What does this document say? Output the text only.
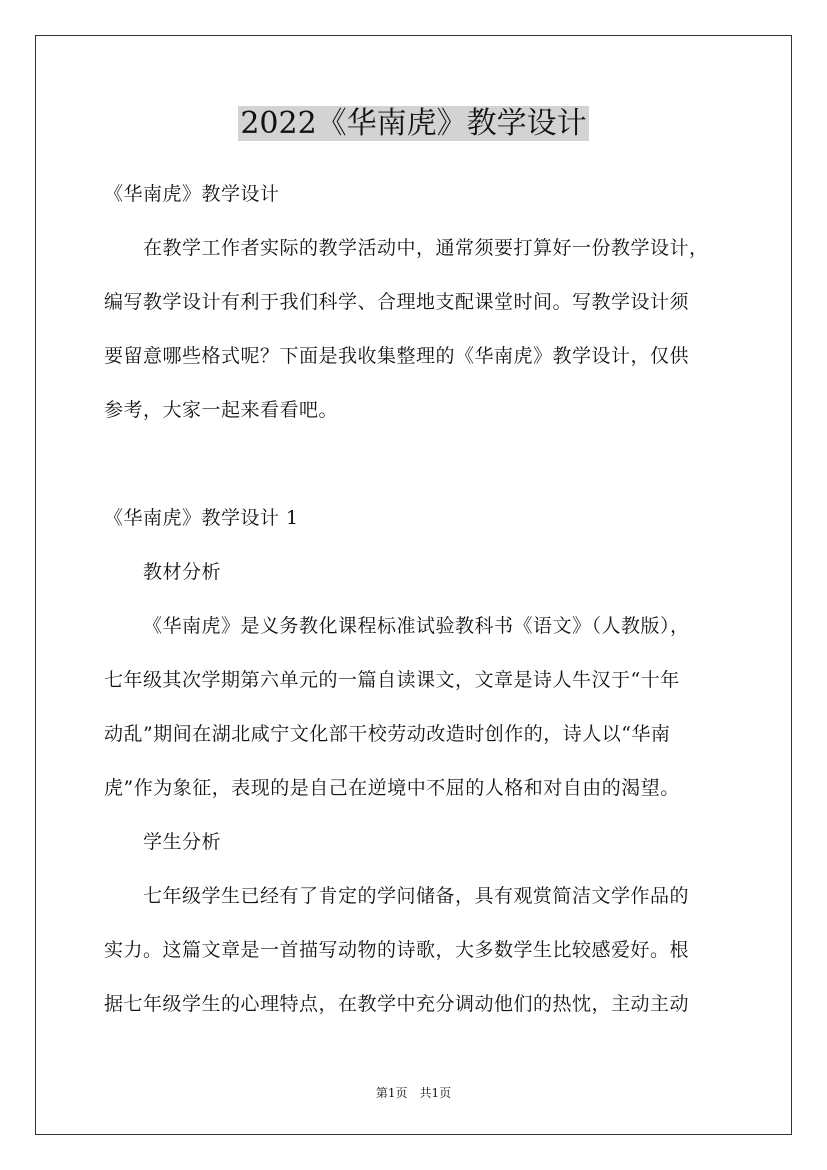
2022《华南虎》教学设计
《华南虎》教学设计
在教学工作者实际的教学活动中，通常须要打算好一份教学设计，
编写教学设计有利于我们科学、合理地支配课堂时间。写教学设计须
要留意哪些格式呢？下面是我收集整理的《华南虎》教学设计，仅供
参考，大家一起来看看吧。
《华南虎》教学设计 1
教材分析
《华南虎》是义务教化课程标准试验教科书《语文》（人教版），
七年级其次学期第六单元的一篇自读课文，文章是诗人牛汉于“十年
动乱”期间在湖北咸宁文化部干校劳动改造时创作的，诗人以“华南
虎”作为象征，表现的是自己在逆境中不屈的人格和对自由的渴望。
学生分析
七年级学生已经有了肯定的学问储备，具有观赏简洁文学作品的
实力。这篇文章是一首描写动物的诗歌，大多数学生比较感爱好。根
据七年级学生的心理特点，在教学中充分调动他们的热忱，主动主动
第1页　共1页
